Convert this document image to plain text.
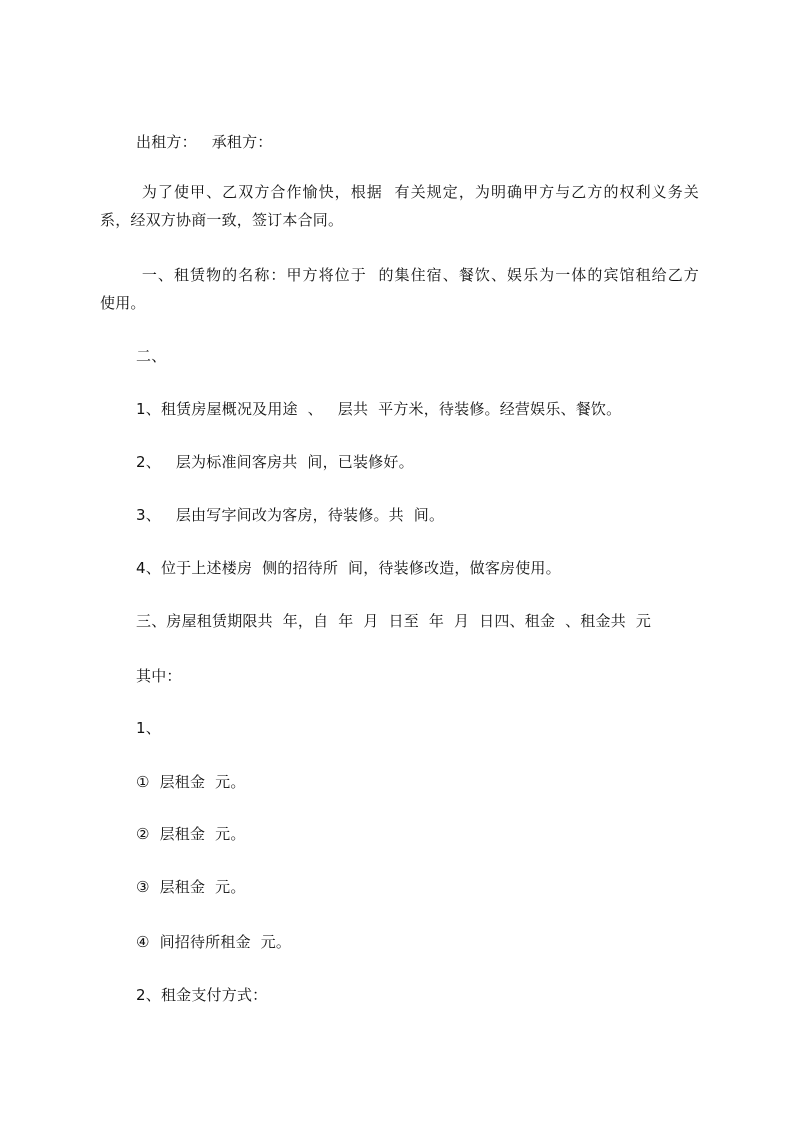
出租方：   承租方：
为了使甲、乙双方合作愉快，根据  有关规定，为明确甲方与乙方的权利义务关
系，经双方协商一致，签订本合同。
一、租赁物的名称：甲方将位于  的集住宿、餐饮、娱乐为一体的宾馆租给乙方
使用。
二、
1、租赁房屋概况及用途  、   层共  平方米，待装修。经营娱乐、餐饮。
2、   层为标准间客房共  间，已装修好。
3、   层由写字间改为客房，待装修。共  间。
4、位于上述楼房  侧的招待所  间，待装修改造，做客房使用。
三、房屋租赁期限共  年，自  年  月  日至  年  月  日四、租金  、租金共  元
其中：
1、
①  层租金  元。
②  层租金  元。
③  层租金  元。
④  间招待所租金  元。
2、租金支付方式：
